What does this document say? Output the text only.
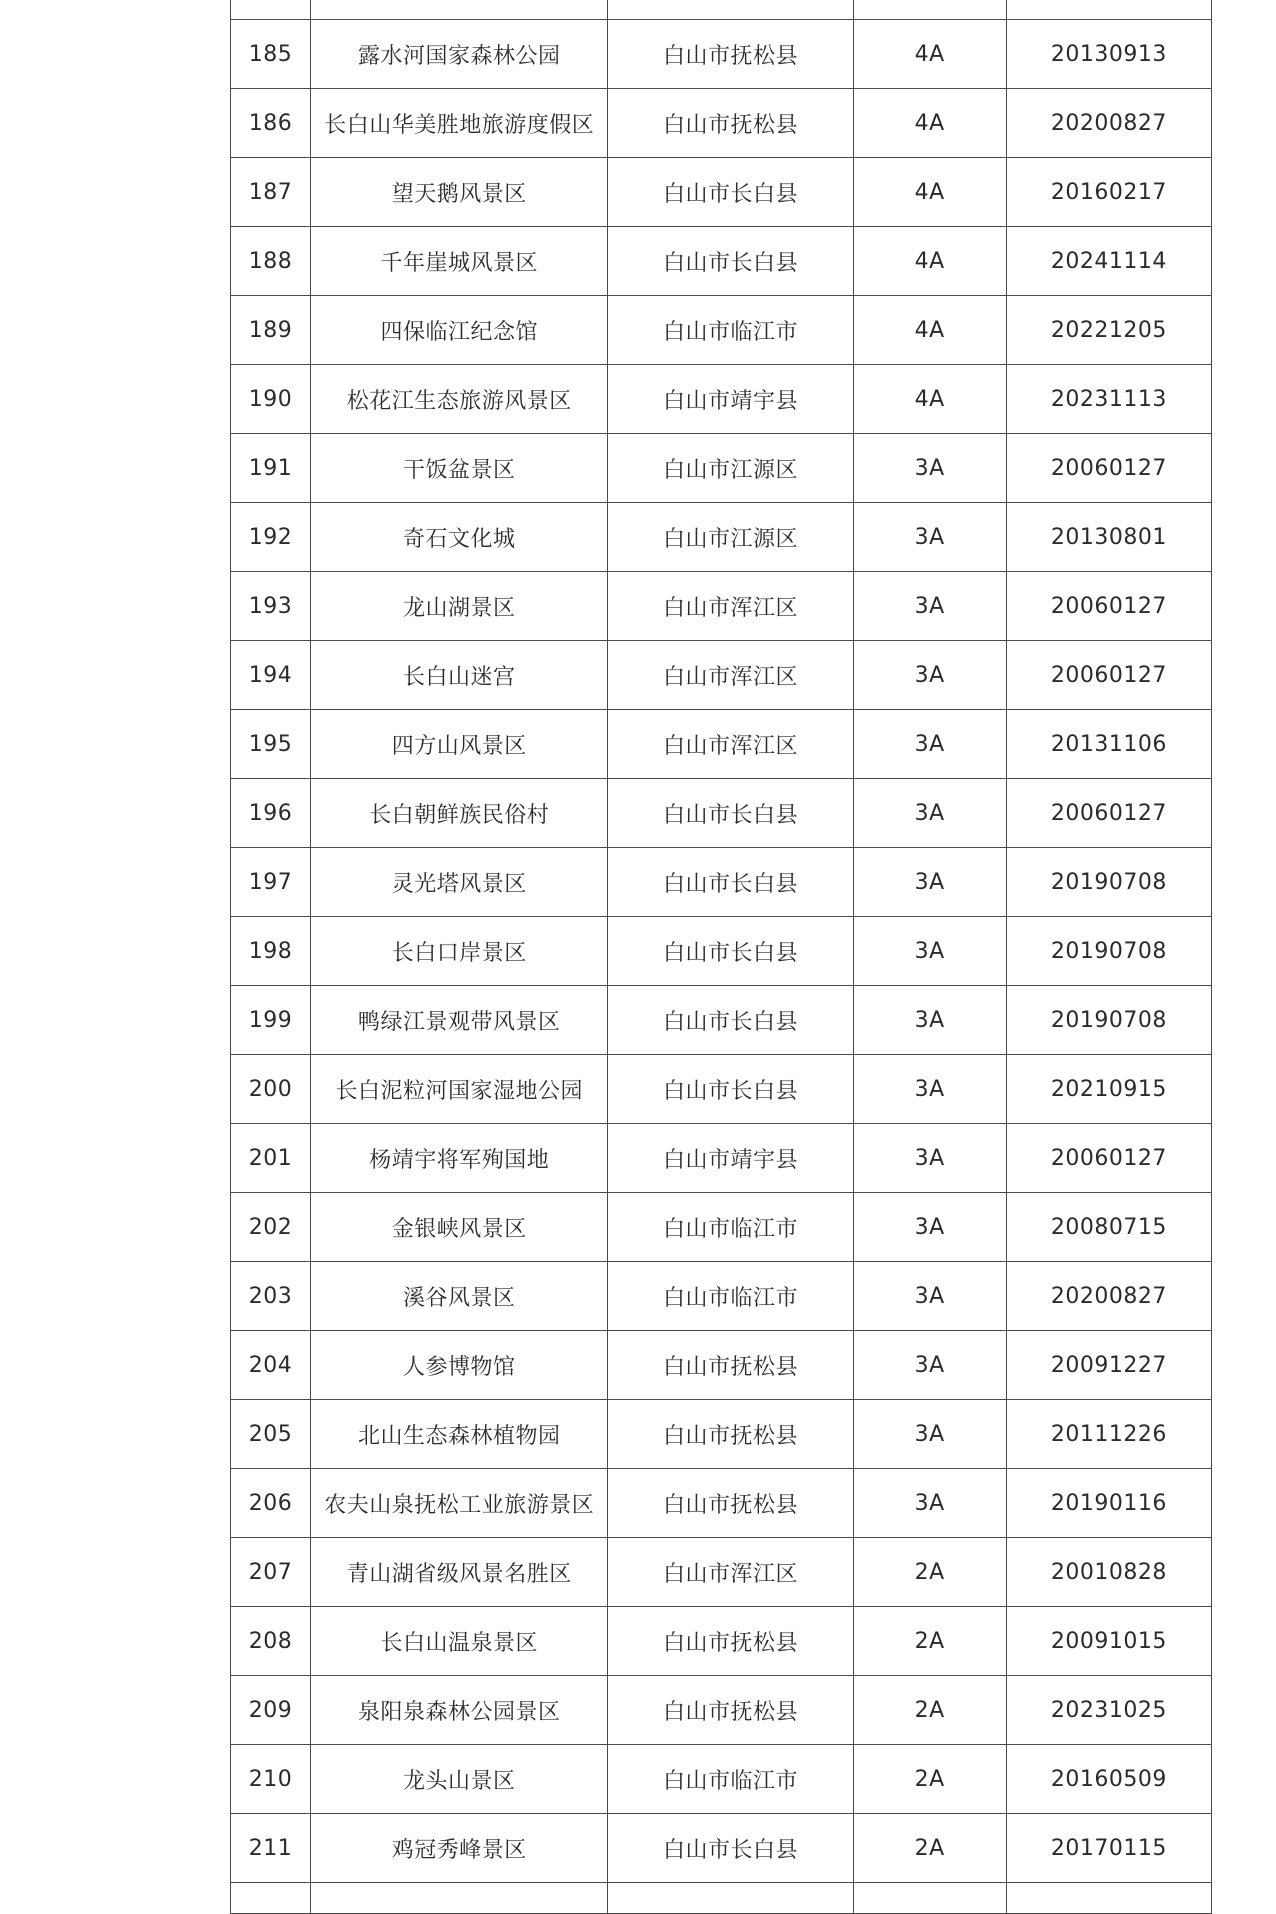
185	露水河国家森林公园	白山市抚松县	4A	20130913
186	长白山华美胜地旅游度假区	白山市抚松县	4A	20200827
187	望天鹅风景区	白山市长白县	4A	20160217
188	千年崖城风景区	白山市长白县	4A	20241114
189	四保临江纪念馆	白山市临江市	4A	20221205
190	松花江生态旅游风景区	白山市靖宇县	4A	20231113
191	干饭盆景区	白山市江源区	3A	20060127
192	奇石文化城	白山市江源区	3A	20130801
193	龙山湖景区	白山市浑江区	3A	20060127
194	长白山迷宫	白山市浑江区	3A	20060127
195	四方山风景区	白山市浑江区	3A	20131106
196	长白朝鲜族民俗村	白山市长白县	3A	20060127
197	灵光塔风景区	白山市长白县	3A	20190708
198	长白口岸景区	白山市长白县	3A	20190708
199	鸭绿江景观带风景区	白山市长白县	3A	20190708
200	长白泥粒河国家湿地公园	白山市长白县	3A	20210915
201	杨靖宇将军殉国地	白山市靖宇县	3A	20060127
202	金银峡风景区	白山市临江市	3A	20080715
203	溪谷风景区	白山市临江市	3A	20200827
204	人参博物馆	白山市抚松县	3A	20091227
205	北山生态森林植物园	白山市抚松县	3A	20111226
206	农夫山泉抚松工业旅游景区	白山市抚松县	3A	20190116
207	青山湖省级风景名胜区	白山市浑江区	2A	20010828
208	长白山温泉景区	白山市抚松县	2A	20091015
209	泉阳泉森林公园景区	白山市抚松县	2A	20231025
210	龙头山景区	白山市临江市	2A	20160509
211	鸡冠秀峰景区	白山市长白县	2A	20170115
